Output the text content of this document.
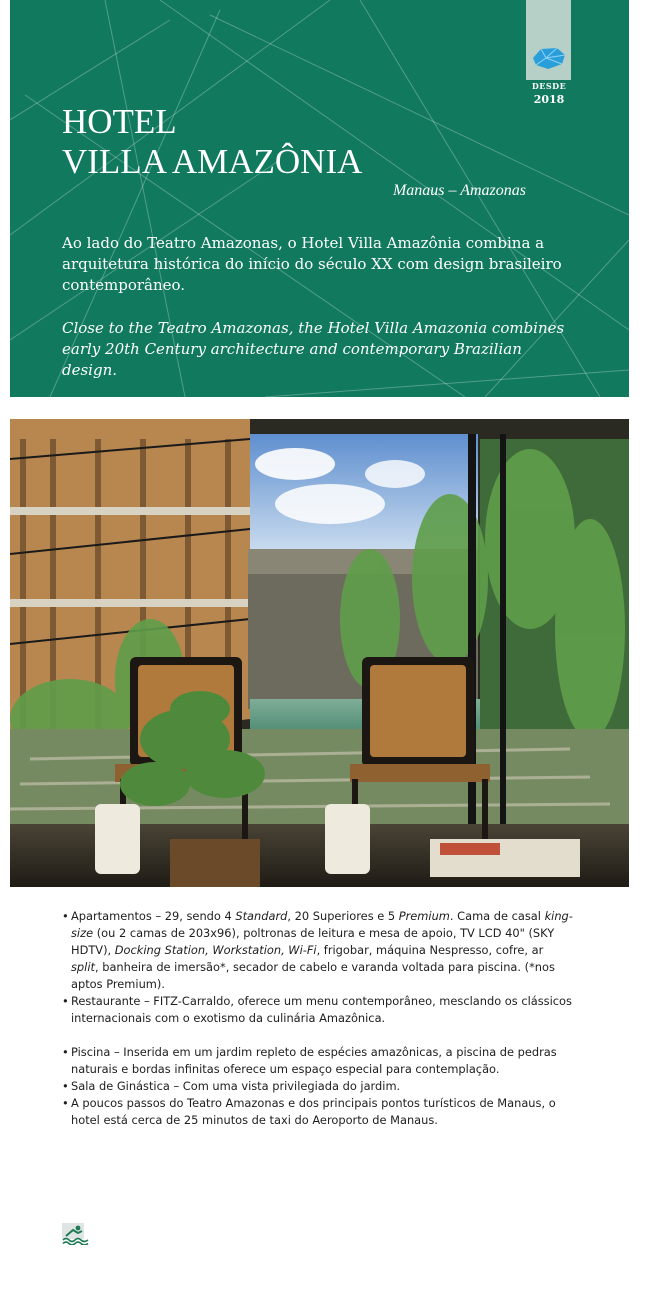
DESDE
2018
HOTEL
VILLA AMAZÔNIA
Manaus – Amazonas

Ao lado do Teatro Amazonas, o Hotel Villa Amazônia combina a arquitetura histórica do início do século XX com design brasileiro contemporâneo.

Close to the Teatro Amazonas, the Hotel Villa Amazonia combines early 20th Century architecture and contemporary Brazilian design.

• Apartamentos – 29, sendo 4 Standard, 20 Superiores e 5 Premium. Cama de casal king-size (ou 2 camas de 203x96), poltronas de leitura e mesa de apoio, TV LCD 40" (SKY HDTV), Docking Station, Workstation, Wi-Fi, frigobar, máquina Nespresso, cofre, ar split, banheira de imersão*, secador de cabelo e varanda voltada para piscina. (*nos aptos Premium).
• Restaurante – FITZ-Carraldo, oferece um menu contemporâneo, mesclando os clássicos internacionais com o exotismo da culinária Amazônica.
• Piscina – Inserida em um jardim repleto de espécies amazônicas, a piscina de pedras naturais e bordas infinitas oferece um espaço especial para contemplação.
• Sala de Ginástica – Com uma vista privilegiada do jardim.
• A poucos passos do Teatro Amazonas e dos principais pontos turísticos de Manaus, o hotel está cerca de 25 minutos de taxi do Aeroporto de Manaus.
